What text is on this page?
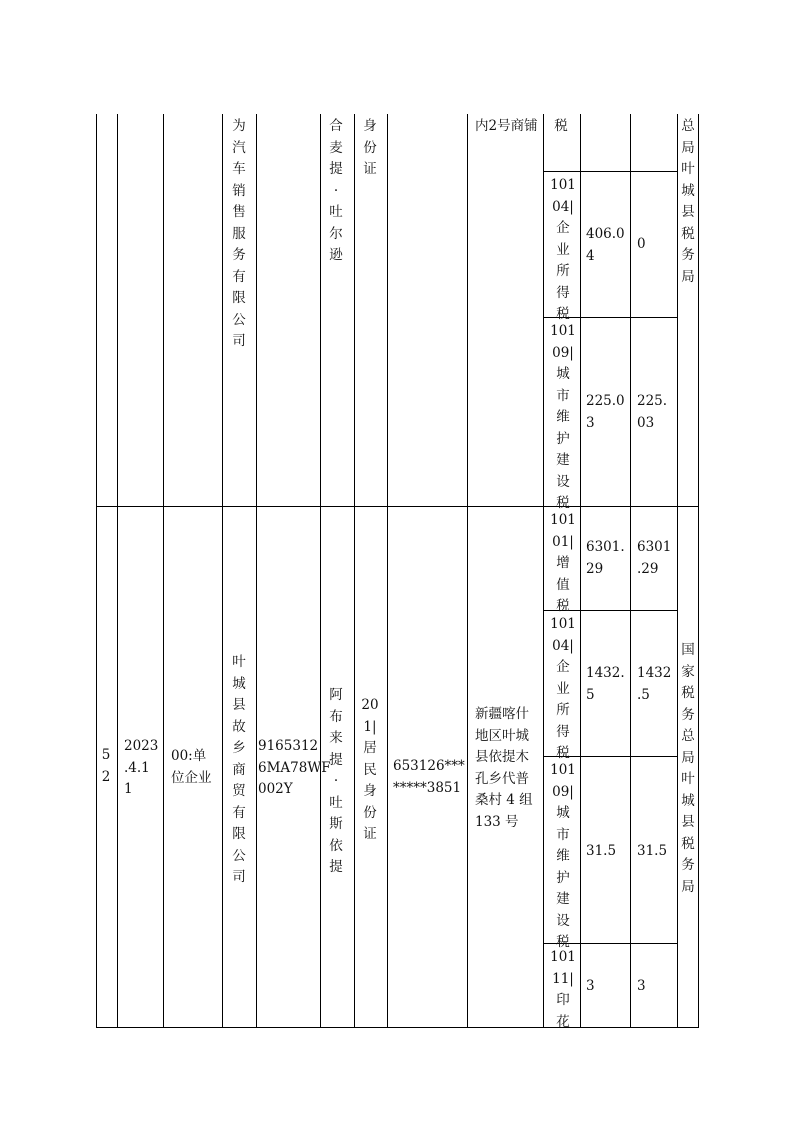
为
汽
车
销
售
服
务
有
限
公
司
合
麦
提
·
吐
尔
逊
身
份
证
内2号商铺 税
101
04|
企
业
所
得
税
406.0
4
0
101
09|
城
市
维
护
建
设
税
225.0
3
225.
03
总
局
叶
城
县
税
务
局
5
2
2023
.4.1
1
00:单
位企业
叶
城
县
故
乡
商
贸
有
限
公
司
9165312
6MA78WF
002Y
阿
布
来
提
·
吐
斯
依
提
20
1|
居
民
身
份
证
653126***
*****3851
新疆喀什
地区叶城
县依提木
孔乡代普
桑村 4 组
133 号
101
01|
增
值
税
6301.
29
6301
.29
101
04|
企
业
所
得
税
1432.
5
1432
.5
101
09|
城
市
维
护
建
设
税
31.5 31.5
101
11|
印
花
3	3
国
家
税
务
总
局
叶
城
县
税
务
局
